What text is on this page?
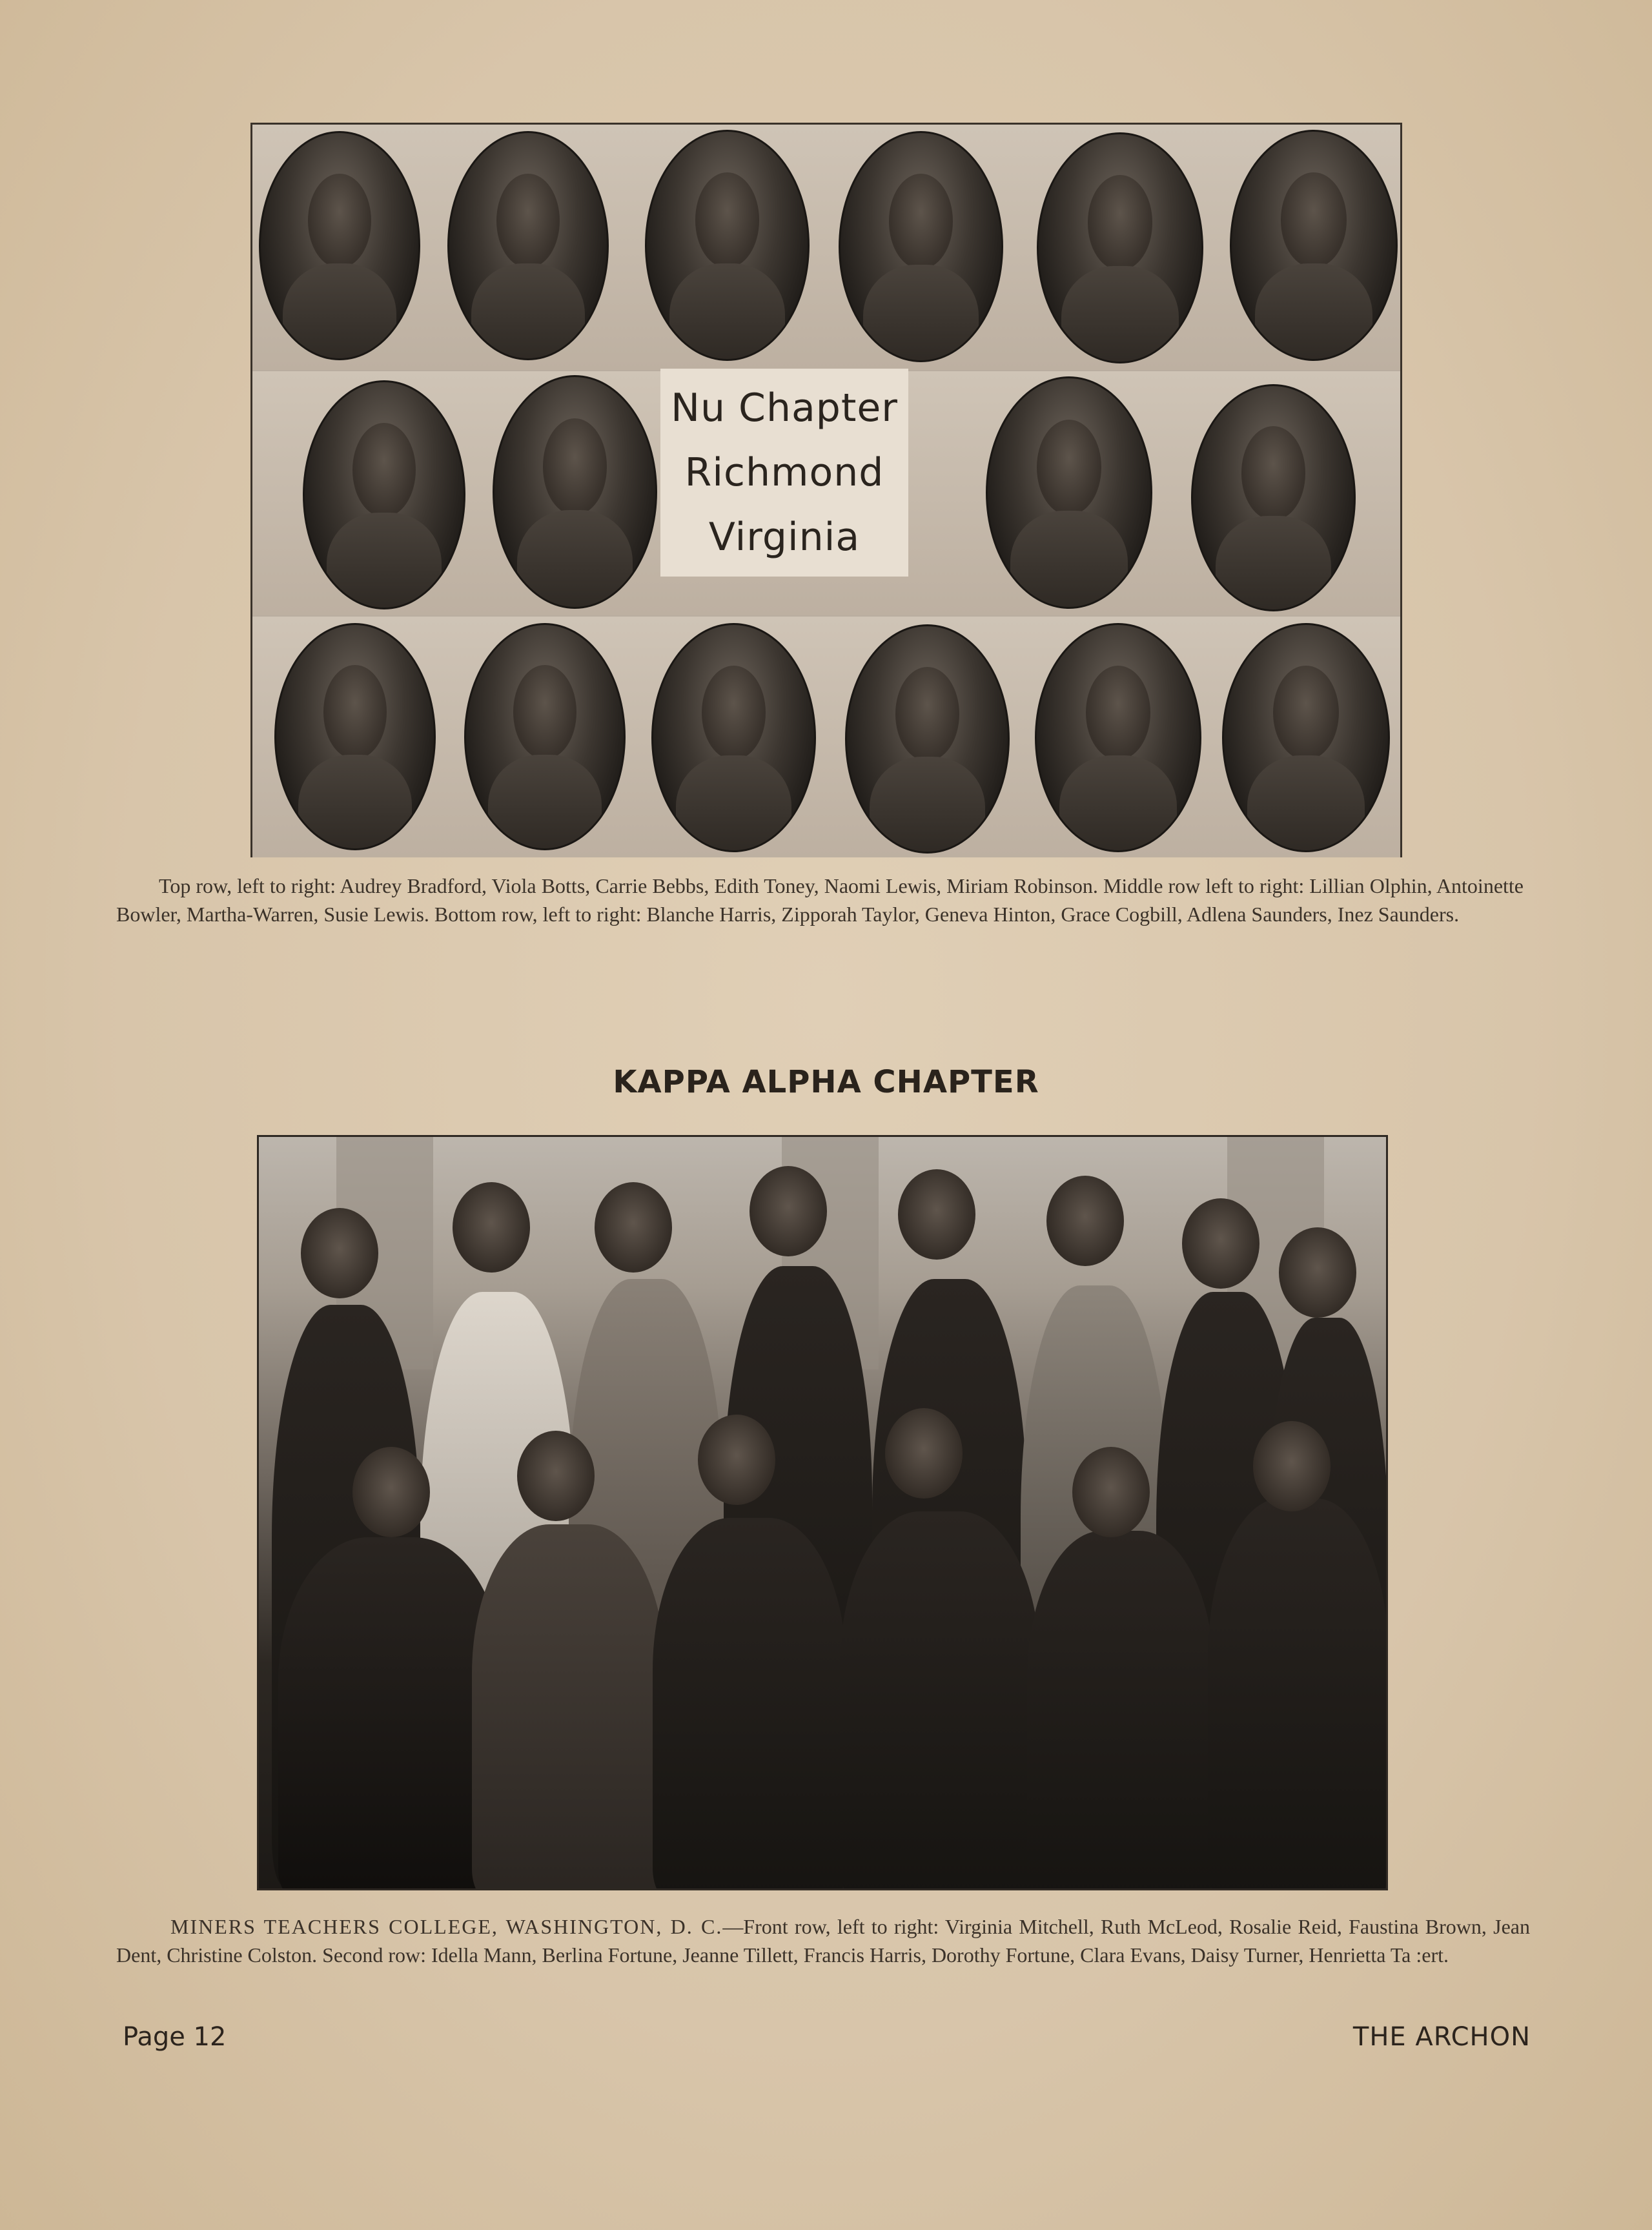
Nu Chapter
Richmond
Virginia
Top row, left to right: Audrey Bradford, Viola Botts, Carrie Bebbs, Edith Toney, Naomi Lewis, Miriam Robinson. Middle row left to right: Lillian Olphin, Antoinette Bowler, Martha-Warren, Susie Lewis. Bottom row, left to right: Blanche Harris, Zipporah Taylor, Geneva Hinton, Grace Cogbill, Adlena Saunders, Inez Saunders.
KAPPA ALPHA CHAPTER
MINERS TEACHERS COLLEGE, WASHINGTON, D. C.—Front row, left to right: Virginia Mitchell, Ruth McLeod, Rosalie Reid, Faustina Brown, Jean Dent, Christine Colston. Second row: Idella Mann, Berlina Fortune, Jeanne Tillett, Francis Harris, Dorothy Fortune, Clara Evans, Daisy Turner, Henrietta Ta :ert.
Page 12	THE ARCHON
